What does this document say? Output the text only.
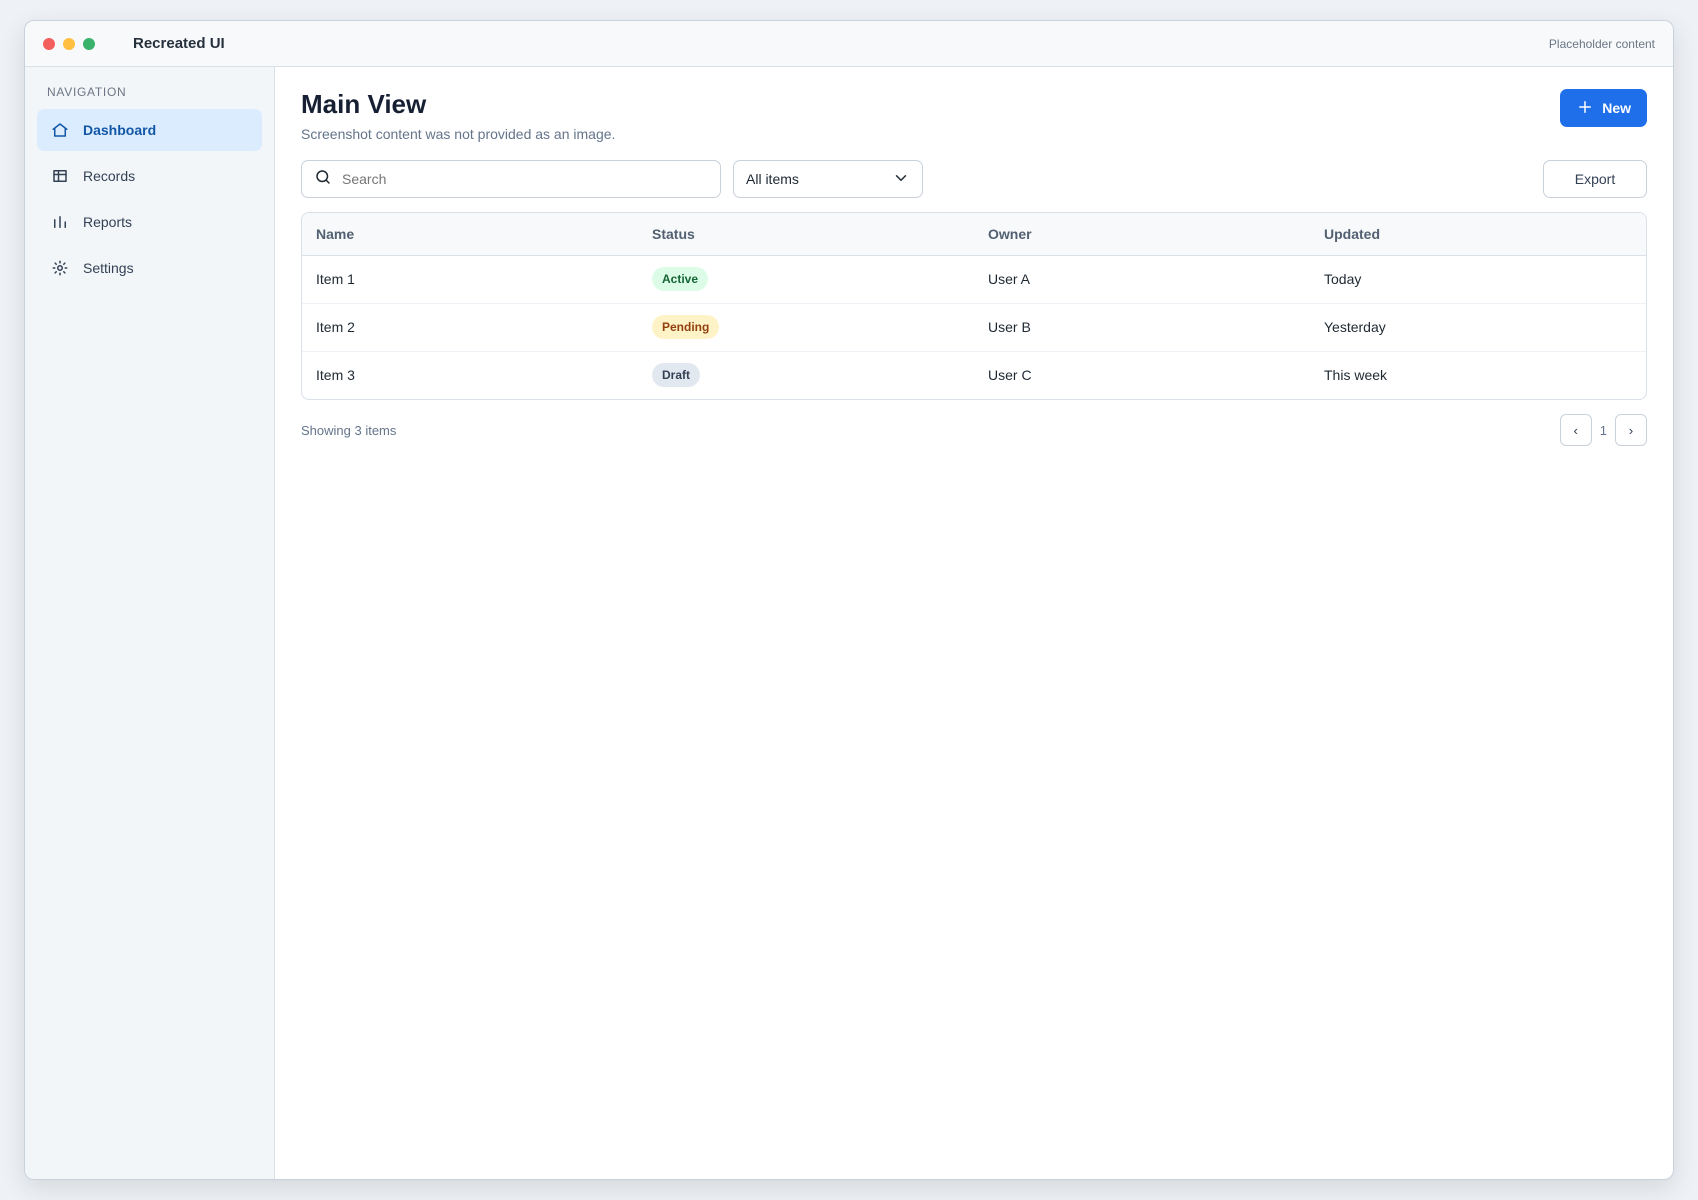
Recreated UI	Placeholder content
NAVIGATION
Dashboard
Records
Reports
Settings
Main View
Screenshot content was not provided as an image.
New
Search
All items	Export
Name	Status	Owner	Updated
Item 1	Active	User A	Today
Item 2	Pending	User B	Yesterday
Item 3	Draft	User C	This week
Showing 3 items	‹	1	›
